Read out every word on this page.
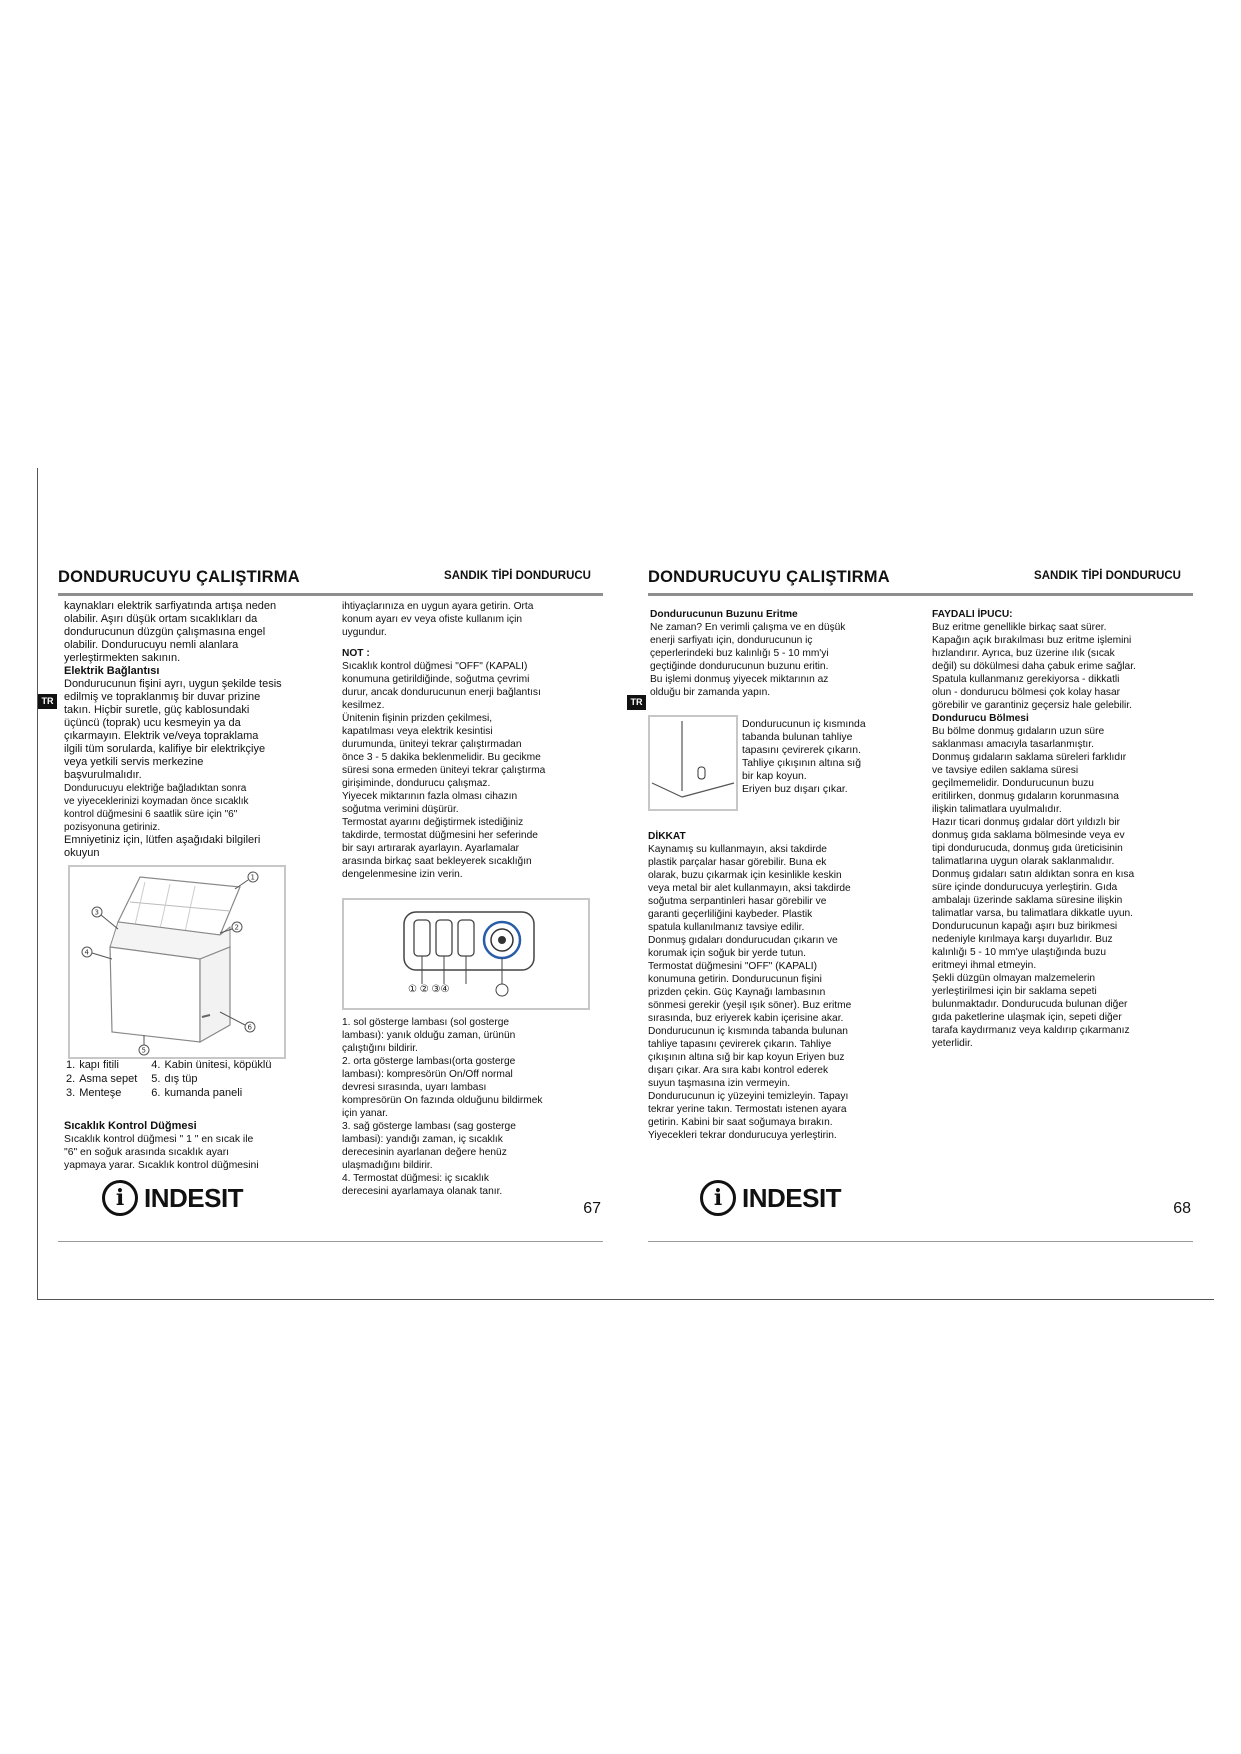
DONDURUCUYU ÇALIŞTIRMA	SANDIK TİPİ DONDURUCU

kaynakları elektrik sarfiyatında artışa neden

olabilir. Aşırı düşük ortam sıcaklıkları da

dondurucunun düzgün çalışmasına engel

olabilir. Dondurucuyu nemli alanlara

yerleştirmekten sakının.

Elektrik Bağlantısı

Dondurucunun fişini ayrı, uygun şekilde tesis

edilmiş ve topraklanmış bir duvar prizine

takın. Hiçbir suretle, güç kablosundaki

üçüncü (toprak) ucu kesmeyin ya da

çıkarmayın. Elektrik ve/veya topraklama

ilgili tüm sorularda, kalifiye bir elektrikçiye

veya yetkili servis merkezine

başvurulmalıdır.

Dondurucuyu elektriğe bağladıktan sonra

ve yiyeceklerinizi koymadan önce sıcaklık

kontrol düğmesini 6 saatlik süre için "6"

pozisyonuna getiriniz.

Emniyetiniz için, lütfen aşağıdaki bilgileri

okuyun

TR
1
2
3
4
6
5
1.	kapı fitili	4.	Kabin ünitesi, köpüklü
2.	Asma sepet	5.	dış tüp
3.	Menteşe	6.	kumanda paneli

Sıcaklık Kontrol Düğmesi

Sıcaklık kontrol düğmesi " 1 " en sıcak ile

"6" en soğuk arasında sıcaklık ayarı

yapmaya yarar. Sıcaklık kontrol düğmesini

i INDESIT

ihtiyaçlarınıza en uygun ayara getirin. Orta

konum ayarı ev veya ofiste kullanım için

uygundur.

NOT :

Sıcaklık kontrol düğmesi "OFF" (KAPALI)

konumuna getirildiğinde, soğutma çevrimi

durur, ancak dondurucunun enerji bağlantısı

kesilmez.

Ünitenin fişinin prizden çekilmesi,

kapatılması veya elektrik kesintisi

durumunda, üniteyi tekrar çalıştırmadan

önce 3 - 5 dakika beklenmelidir. Bu gecikme

süresi sona ermeden üniteyi tekrar çalıştırma

girişiminde, dondurucu çalışmaz.

Yiyecek miktarının fazla olması cihazın

soğutma verimini düşürür.

Termostat ayarını değiştirmek istediğiniz

takdirde, termostat düğmesini her seferinde

bir sayı artırarak ayarlayın. Ayarlamalar

arasında birkaç saat bekleyerek sıcaklığın

dengelenmesine izin verin.

① ② ③④

1. sol gösterge lambası (sol gosterge

lambası): yanık olduğu zaman, ürünün

çalıştığını bildirir.

2. orta gösterge lambası(orta gosterge

lambası): kompresörün On/Off normal

devresi sırasında, uyarı lambası

kompresörün On fazında olduğunu bildirmek

için yanar.

3. sağ gösterge lambası (sag gosterge

lambasi): yandığı zaman, iç sıcaklık

derecesinin ayarlanan değere henüz

ulaşmadığını bildirir.

4. Termostat düğmesi: iç sıcaklık

derecesini ayarlamaya olanak tanır.

67
DONDURUCUYU ÇALIŞTIRMA	SANDIK TİPİ DONDURUCU

Dondurucunun Buzunu Eritme

Ne zaman? En verimli çalışma ve en düşük

enerji sarfiyatı için, dondurucunun iç

çeperlerindeki buz kalınlığı 5 - 10 mm'yi

geçtiğinde dondurucunun buzunu eritin.

Bu işlemi donmuş yiyecek miktarının az

olduğu bir zamanda yapın.

TR

Dondurucunun iç kısmında

tabanda bulunan tahliye

tapasını çevirerek çıkarın.

Tahliye çıkışının altına sığ

bir kap koyun.

Eriyen buz dışarı çıkar.

DİKKAT

Kaynamış su kullanmayın, aksi takdirde

plastik parçalar hasar görebilir. Buna ek

olarak, buzu çıkarmak için kesinlikle keskin

veya metal bir alet kullanmayın, aksi takdirde

soğutma serpantinleri hasar görebilir ve

garanti geçerliliğini kaybeder. Plastik

spatula kullanılmanız tavsiye edilir.

Donmuş gıdaları dondurucudan çıkarın ve

korumak için soğuk bir yerde tutun.

Termostat düğmesini "OFF" (KAPALI)

konumuna getirin. Dondurucunun fişini

prizden çekin. Güç Kaynağı lambasının

sönmesi gerekir (yeşil ışık söner). Buz eritme

sırasında, buz eriyerek kabin içerisine akar.

Dondurucunun iç kısmında tabanda bulunan

tahliye tapasını çevirerek çıkarın. Tahliye

çıkışının altına sığ bir kap koyun Eriyen buz

dışarı çıkar. Ara sıra kabı kontrol ederek

suyun taşmasına izin vermeyin.

Dondurucunun iç yüzeyini temizleyin. Tapayı

tekrar yerine takın. Termostatı istenen ayara

getirin. Kabini bir saat soğumaya bırakın.

Yiyecekleri tekrar dondurucuya yerleştirin.

i INDESIT

FAYDALI İPUCU:

Buz eritme genellikle birkaç saat sürer.

Kapağın açık bırakılması buz eritme işlemini

hızlandırır. Ayrıca, buz üzerine ılık (sıcak

değil) su dökülmesi daha çabuk erime sağlar.

Spatula kullanmanız gerekiyorsa - dikkatli

olun - dondurucu bölmesi çok kolay hasar

görebilir ve garantiniz geçersiz hale gelebilir.

Dondurucu Bölmesi

Bu bölme donmuş gıdaların uzun süre

saklanması amacıyla tasarlanmıştır.

Donmuş gıdaların saklama süreleri farklıdır

ve tavsiye edilen saklama süresi

geçilmemelidir. Dondurucunun buzu

eritilirken, donmuş gıdaların korunmasına

ilişkin talimatlara uyulmalıdır.

Hazır ticari donmuş gıdalar dört yıldızlı bir

donmuş gıda saklama bölmesinde veya ev

tipi dondurucuda, donmuş gıda üreticisinin

talimatlarına uygun olarak saklanmalıdır.

Donmuş gıdaları satın aldıktan sonra en kısa

süre içinde dondurucuya yerleştirin. Gıda

ambalajı üzerinde saklama süresine ilişkin

talimatlar varsa, bu talimatlara dikkatle uyun.

Dondurucunun kapağı aşırı buz birikmesi

nedeniyle kırılmaya karşı duyarlıdır. Buz

kalınlığı 5 - 10 mm'ye ulaştığında buzu

eritmeyi ihmal etmeyin.

Şekli düzgün olmayan malzemelerin

yerleştirilmesi için bir saklama sepeti

bulunmaktadır. Dondurucuda bulunan diğer

gıda paketlerine ulaşmak için, sepeti diğer

tarafa kaydırmanız veya kaldırıp çıkarmanız

yeterlidir.

68
